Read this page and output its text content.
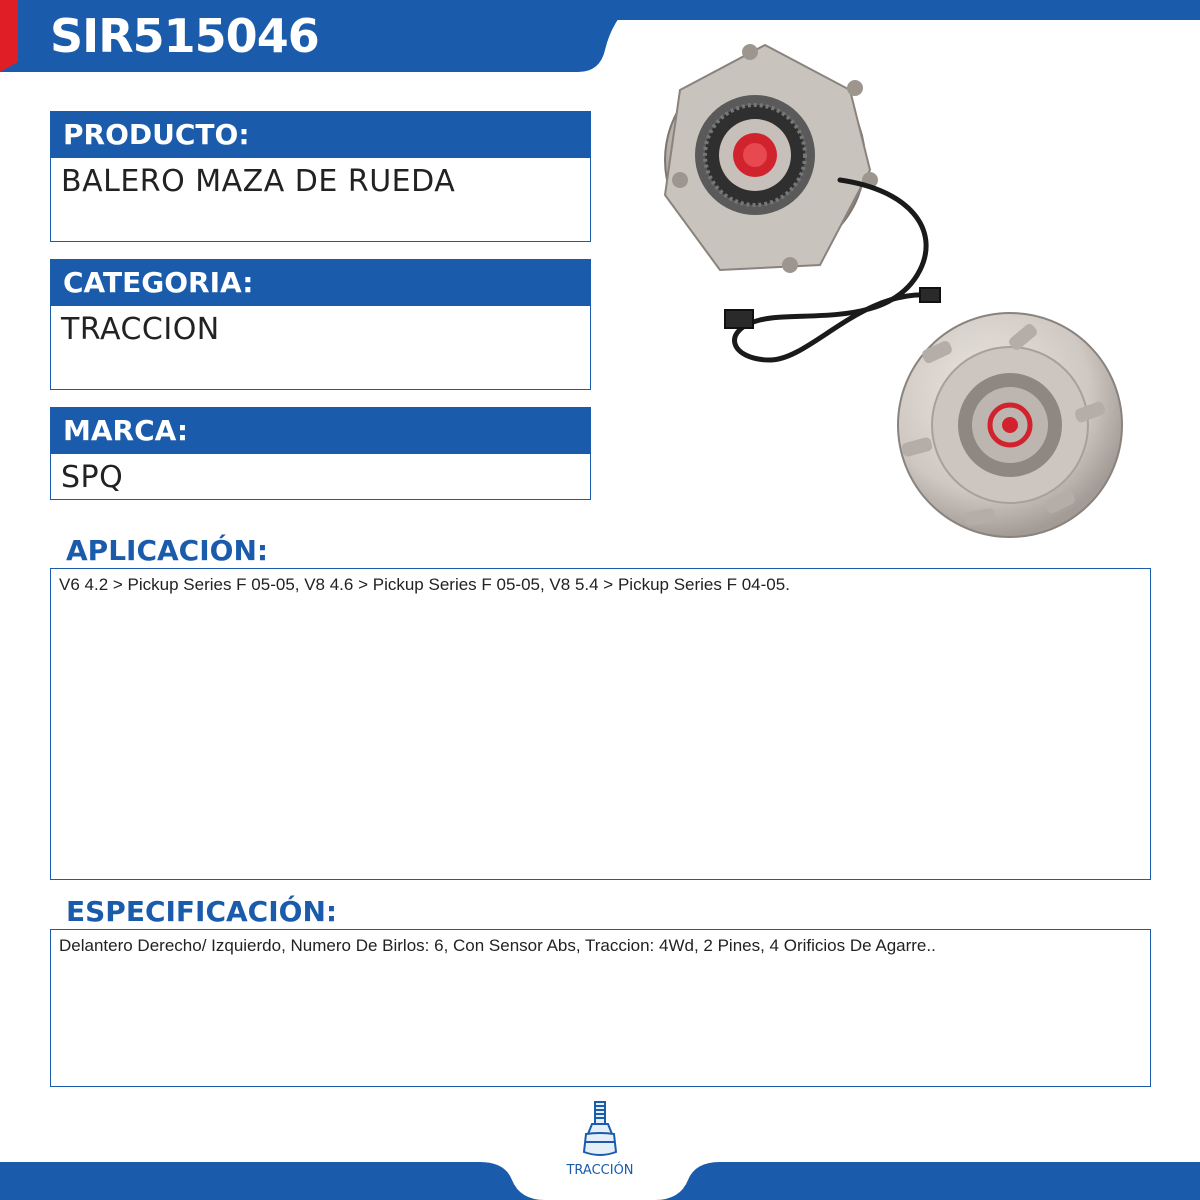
SIR515046
PRODUCTO:
BALERO MAZA DE RUEDA
CATEGORIA:
TRACCION
MARCA:
SPQ
APLICACIÓN:
V6 4.2 > Pickup Series F 05-05, V8 4.6 > Pickup Series F 05-05, V8 5.4 > Pickup Series F 04-05.
ESPECIFICACIÓN:
Delantero Derecho/ Izquierdo, Numero De Birlos: 6, Con Sensor Abs, Traccion: 4Wd, 2 Pines, 4 Orificios De Agarre..
TRACCIÓN
